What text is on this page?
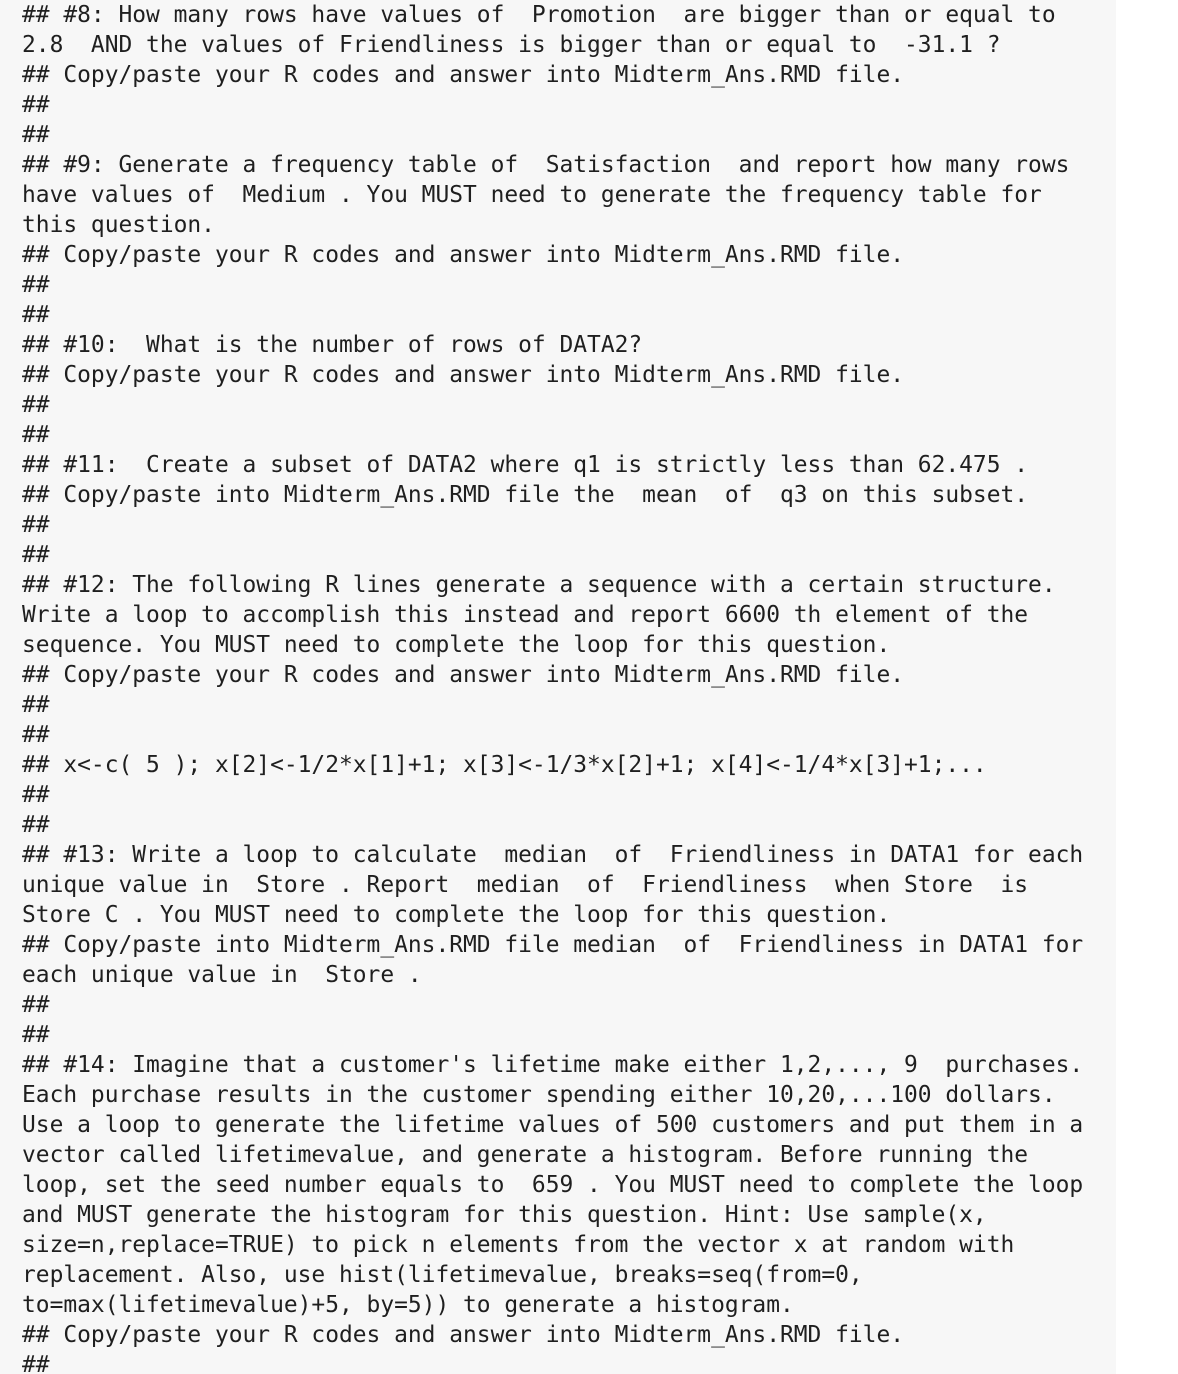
## #8: How many rows have values of  Promotion  are bigger than or equal to
2.8  AND the values of Friendliness is bigger than or equal to  -31.1 ?
## Copy/paste your R codes and answer into Midterm_Ans.RMD file.
##
##
## #9: Generate a frequency table of  Satisfaction  and report how many rows
have values of  Medium . You MUST need to generate the frequency table for
this question.
## Copy/paste your R codes and answer into Midterm_Ans.RMD file.
##
##
## #10:  What is the number of rows of DATA2?
## Copy/paste your R codes and answer into Midterm_Ans.RMD file.
##
##
## #11:  Create a subset of DATA2 where q1 is strictly less than 62.475 .
## Copy/paste into Midterm_Ans.RMD file the  mean  of  q3 on this subset.
##
##
## #12: The following R lines generate a sequence with a certain structure.
Write a loop to accomplish this instead and report 6600 th element of the
sequence. You MUST need to complete the loop for this question.
## Copy/paste your R codes and answer into Midterm_Ans.RMD file.
##
##
## x<-c( 5 ); x[2]<-1/2*x[1]+1; x[3]<-1/3*x[2]+1; x[4]<-1/4*x[3]+1;...
##
##
## #13: Write a loop to calculate  median  of  Friendliness in DATA1 for each
unique value in  Store . Report  median  of  Friendliness  when Store  is
Store C . You MUST need to complete the loop for this question.
## Copy/paste into Midterm_Ans.RMD file median  of  Friendliness in DATA1 for
each unique value in  Store .
##
##
## #14: Imagine that a customer's lifetime make either 1,2,..., 9  purchases.
Each purchase results in the customer spending either 10,20,...100 dollars.
Use a loop to generate the lifetime values of 500 customers and put them in a
vector called lifetimevalue, and generate a histogram. Before running the
loop, set the seed number equals to  659 . You MUST need to complete the loop
and MUST generate the histogram for this question. Hint: Use sample(x,
size=n,replace=TRUE) to pick n elements from the vector x at random with
replacement. Also, use hist(lifetimevalue, breaks=seq(from=0,
to=max(lifetimevalue)+5, by=5)) to generate a histogram.
## Copy/paste your R codes and answer into Midterm_Ans.RMD file.
##
